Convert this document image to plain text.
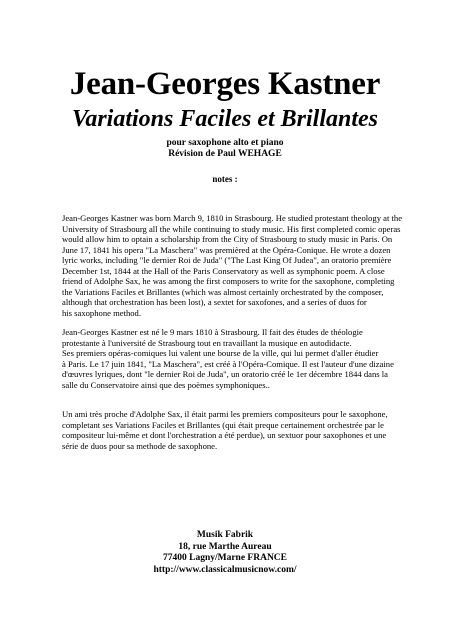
Jean-Georges Kastner
Variations Faciles et Brillantes
pour saxophone alto et piano
Révision de Paul WEHAGE
notes :
Jean-Georges Kastner was born March 9, 1810 in Strasbourg. He studied protestant theology at the
University of Strasbourg all the while continuing to study music. His first completed comic operas
would allow him to optain a scholarship from the City of Strasbourg to study music in Paris. On
June 17, 1841 his opera "La Maschera" was premièred at the Opéra-Conique. He wrote a dozen
lyric works, including "le dernier Roi de Juda" ("The Last King Of Judea", an oratorio première
December 1st, 1844 at the Hall of the Paris Conservatory as well as symphonic poem. A close
friend of Adolphe Sax, he was among the first composers to write for the saxophone, completing
the Variations Faciles et Brillantes (which was almost certainly orchestrated by the composer,
although that orchestration has been lost), a sextet for saxofones, and a series of duos for
his saxophone method.
Jean-Georges Kastner est né le 9 mars 1810 à Strasbourg. Il fait des études de théologie
protestante à l'université de Strasbourg tout en travaillant la musique en autodidacte.
Ses premiers opéras-comiques lui valent une bourse de la ville, qui lui permet d'aller étudier
à Paris. Le 17 juin 1841, "La Maschera", est créé à l'Opéra-Comique. Il est l'auteur d'une dizaine
d'œuvres lyriques, dont "le dernier Roi de Juda", un oratorio créé le 1er décembre 1844 dans la
salle du Conservatoire ainsi que des poèmes symphoniques..
Un ami très proche d'Adolphe Sax, il était parmi les premiers compositeurs pour le saxophone,
completant ses Variations Faciles et Brillantes (qui était preque certainement orchestrée par le
compositeur lui-même et dont l'orchestration a été perdue), un sextuor pour saxophones et une
série de duos pour sa methode de saxophone.
Musik Fabrik
18, rue Marthe Aureau
77400 Lagny/Marne FRANCE
http://www.classicalmusicnow.com/
